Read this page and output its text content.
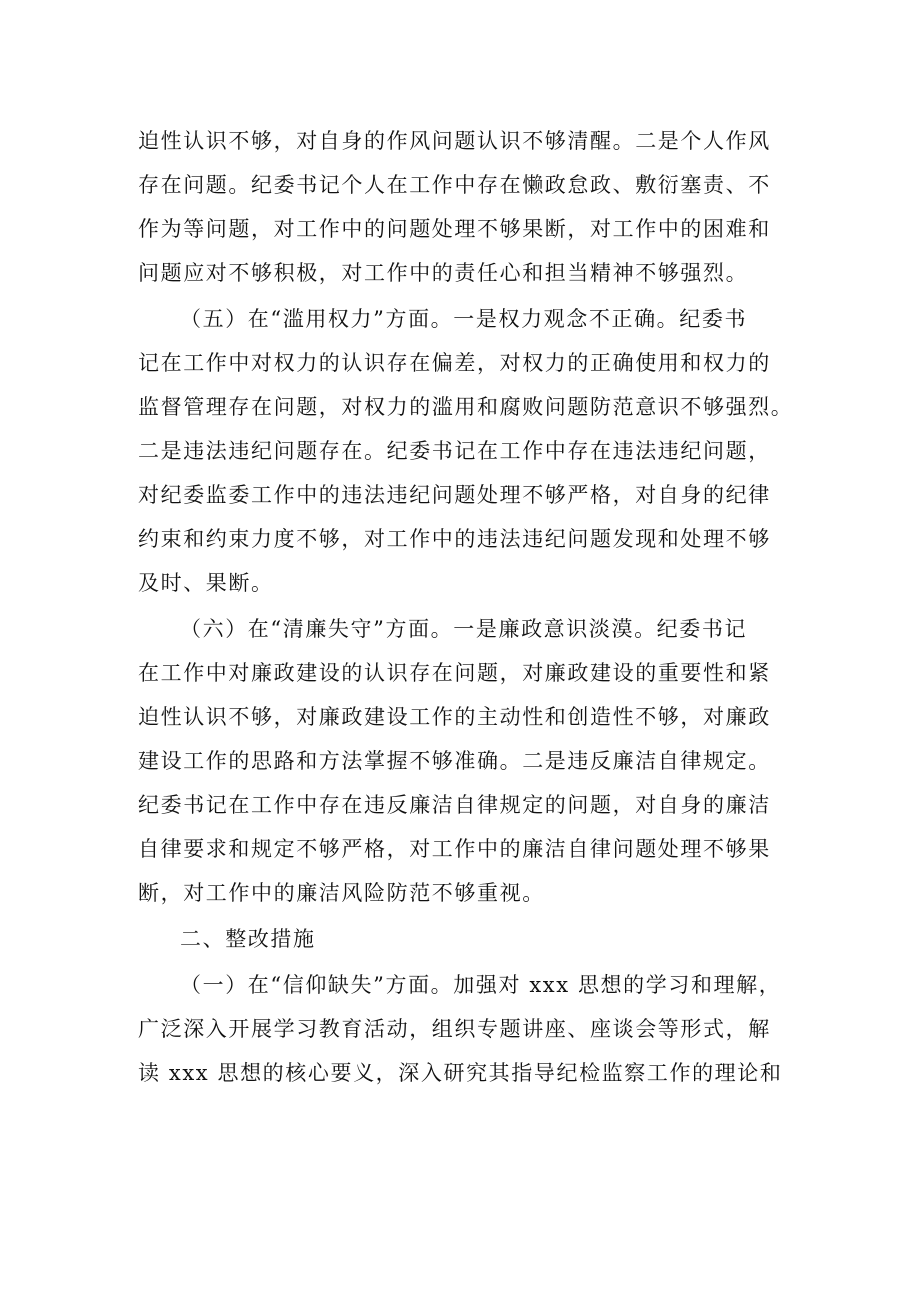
迫性认识不够，对自身的作风问题认识不够清醒。二是个人作风
存在问题。纪委书记个人在工作中存在懒政怠政、敷衍塞责、不
作为等问题，对工作中的问题处理不够果断，对工作中的困难和
问题应对不够积极，对工作中的责任心和担当精神不够强烈。
（五）在“滥用权力”方面。一是权力观念不正确。纪委书
记在工作中对权力的认识存在偏差，对权力的正确使用和权力的
监督管理存在问题，对权力的滥用和腐败问题防范意识不够强烈。
二是违法违纪问题存在。纪委书记在工作中存在违法违纪问题，
对纪委监委工作中的违法违纪问题处理不够严格，对自身的纪律
约束和约束力度不够，对工作中的违法违纪问题发现和处理不够
及时、果断。
（六）在“清廉失守”方面。一是廉政意识淡漠。纪委书记
在工作中对廉政建设的认识存在问题，对廉政建设的重要性和紧
迫性认识不够，对廉政建设工作的主动性和创造性不够，对廉政
建设工作的思路和方法掌握不够准确。二是违反廉洁自律规定。
纪委书记在工作中存在违反廉洁自律规定的问题，对自身的廉洁
自律要求和规定不够严格，对工作中的廉洁自律问题处理不够果
断，对工作中的廉洁风险防范不够重视。
二、整改措施
（一）在“信仰缺失”方面。加强对 xxx 思想的学习和理解，
广泛深入开展学习教育活动，组织专题讲座、座谈会等形式，解
读 xxx 思想的核心要义，深入研究其指导纪检监察工作的理论和
